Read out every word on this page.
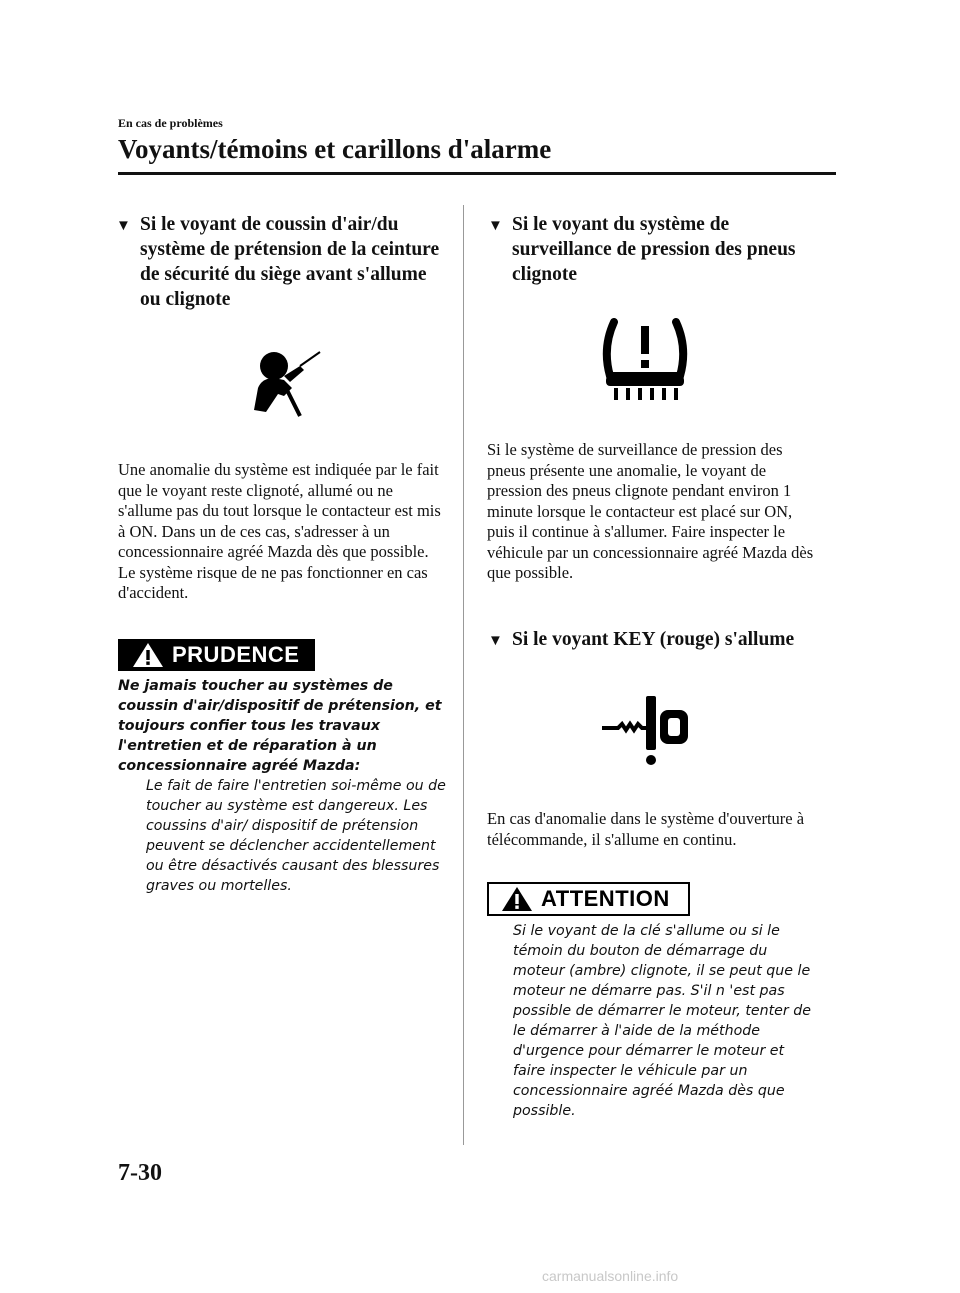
En cas de problèmes
Voyants/témoins et carillons d'alarme
▼ Si le voyant de coussin d'air/du système de prétension de la ceinture de sécurité du siège avant s'allume ou clignote

Une anomalie du système est indiquée par le fait que le voyant reste clignoté, allumé ou ne s'allume pas du tout lorsque le contacteur est mis à ON. Dans un de ces cas, s'adresser à un concessionnaire agréé Mazda dès que possible. Le système risque de ne pas fonctionner en cas d'accident.

PRUDENCE

Ne jamais toucher au systèmes de coussin d'air/dispositif de prétension, et toujours confier tous les travaux l'entretien et de réparation à un concessionnaire agréé Mazda:

Le fait de faire l'entretien soi-même ou de toucher au système est dangereux. Les coussins d'air/ dispositif de prétension peuvent se déclencher accidentellement ou être désactivés causant des blessures graves ou mortelles.

▼ Si le voyant du système de surveillance de pression des pneus clignote

Si le système de surveillance de pression des pneus présente une anomalie, le voyant de pression des pneus clignote pendant environ 1 minute lorsque le contacteur est placé sur ON, puis il continue à s'allumer. Faire inspecter le véhicule par un concessionnaire agréé Mazda dès que possible.

▼ Si le voyant KEY (rouge) s'allume

En cas d'anomalie dans le système d'ouverture à télécommande, il s'allume en continu.

ATTENTION

Si le voyant de la clé s'allume ou si le témoin du bouton de démarrage du moteur (ambre) clignote, il se peut que le moteur ne démarre pas. S'il n 'est pas possible de démarrer le moteur, tenter de le démarrer à l'aide de la méthode d'urgence pour démarrer le moteur et faire inspecter le véhicule par un concessionnaire agréé Mazda dès que possible.

7-30
carmanualsonline.info
